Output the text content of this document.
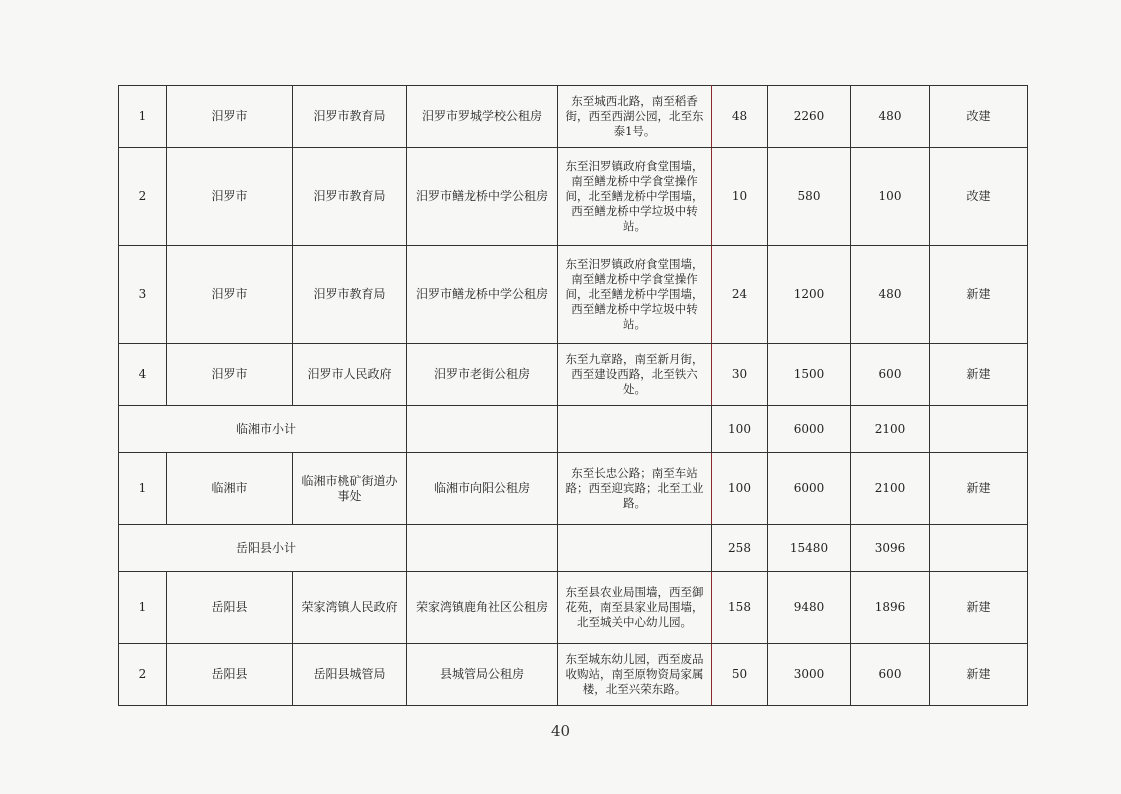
1	汨罗市	汨罗市教育局	汨罗市罗城学校公租房	东至城西北路，南至稻香街，西至西湖公园，北至东泰1号。	48	2260	480	改建
2	汨罗市	汨罗市教育局	汨罗市鳝龙桥中学公租房	东至汨罗镇政府食堂围墙，南至鳝龙桥中学食堂操作间，北至鳝龙桥中学围墙，西至鳝龙桥中学垃圾中转站。	10	580	100	改建
3	汨罗市	汨罗市教育局	汨罗市鳝龙桥中学公租房	东至汨罗镇政府食堂围墙，南至鳝龙桥中学食堂操作间，北至鳝龙桥中学围墙，西至鳝龙桥中学垃圾中转站。	24	1200	480	新建
4	汨罗市	汨罗市人民政府	汨罗市老街公租房	东至九章路，南至新月街，西至建设西路，北至铁六处。	30	1500	600	新建
临湘市小计					100	6000	2100	
1	临湘市	临湘市桃矿街道办事处	临湘市向阳公租房	东至长忠公路；南至车站路；西至迎宾路；北至工业路。	100	6000	2100	新建
岳阳县小计					258	15480	3096	
1	岳阳县	荣家湾镇人民政府	荣家湾镇鹿角社区公租房	东至县农业局围墙，西至御花苑，南至县家业局围墙，北至城关中心幼儿园。	158	9480	1896	新建
2	岳阳县	岳阳县城管局	县城管局公租房	东至城东幼儿园，西至废品收购站，南至原物资局家属楼，北至兴荣东路。	50	3000	600	新建
40
